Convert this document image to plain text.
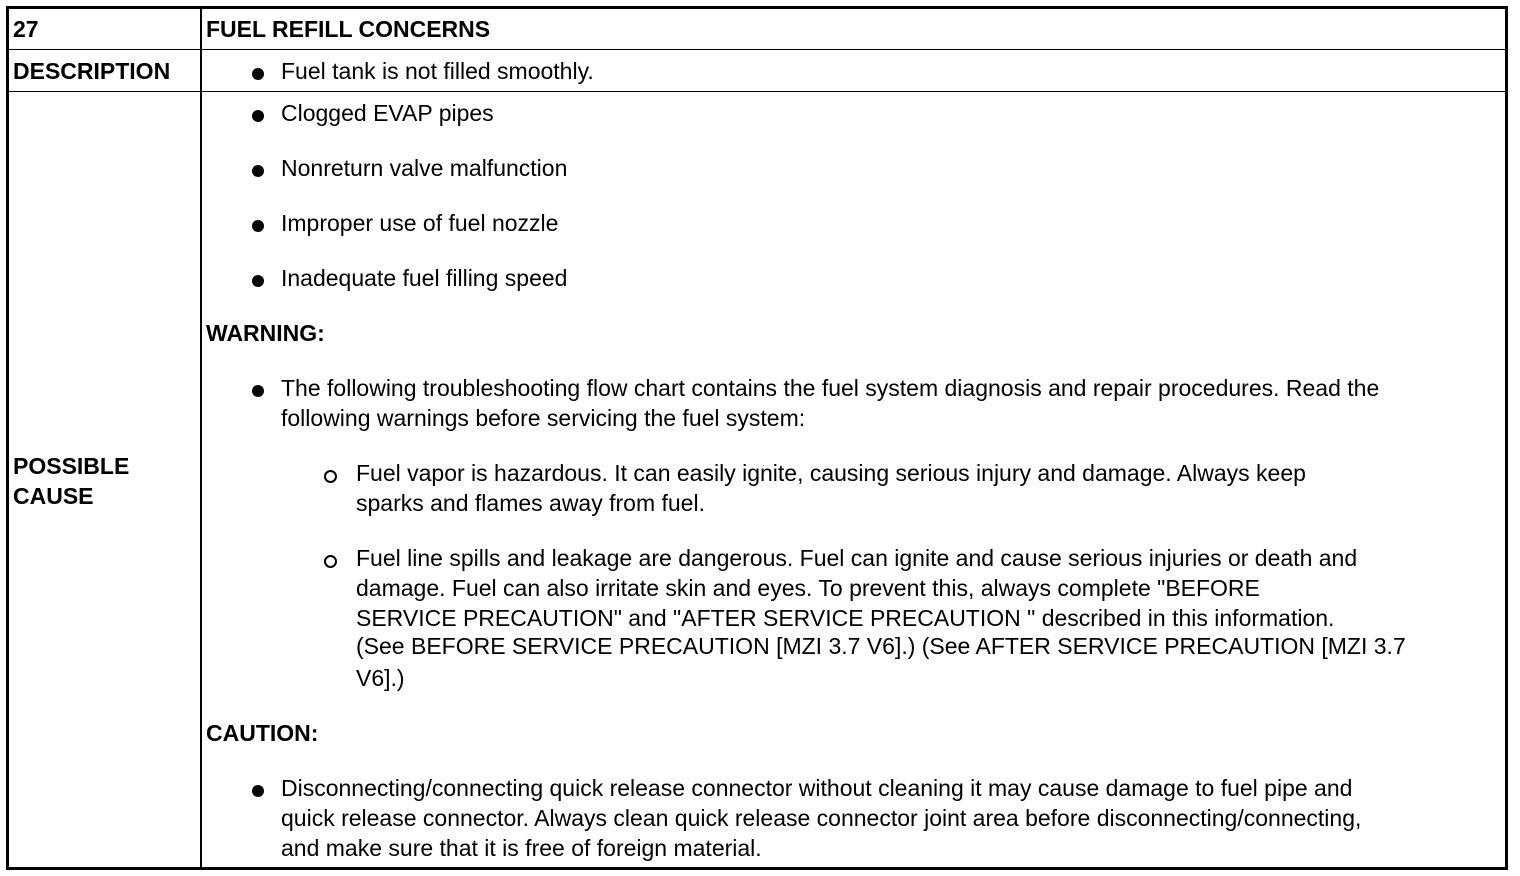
27	FUEL REFILL CONCERNS
DESCRIPTION	Fuel tank is not filled smoothly.
POSSIBLE
CAUSE
Clogged EVAP pipes
Nonreturn valve malfunction
Improper use of fuel nozzle
Inadequate fuel filling speed
WARNING:
The following troubleshooting flow chart contains the fuel system diagnosis and repair procedures. Read the
following warnings before servicing the fuel system:
Fuel vapor is hazardous. It can easily ignite, causing serious injury and damage. Always keep
sparks and flames away from fuel.
Fuel line spills and leakage are dangerous. Fuel can ignite and cause serious injuries or death and
damage. Fuel can also irritate skin and eyes. To prevent this, always complete "BEFORE
SERVICE PRECAUTION" and "AFTER SERVICE PRECAUTION " described in this information.
(See BEFORE SERVICE PRECAUTION [MZI 3.7 V6].) (See AFTER SERVICE PRECAUTION [MZI 3.7
V6].)
CAUTION:
Disconnecting/connecting quick release connector without cleaning it may cause damage to fuel pipe and
quick release connector. Always clean quick release connector joint area before disconnecting/connecting,
and make sure that it is free of foreign material.
